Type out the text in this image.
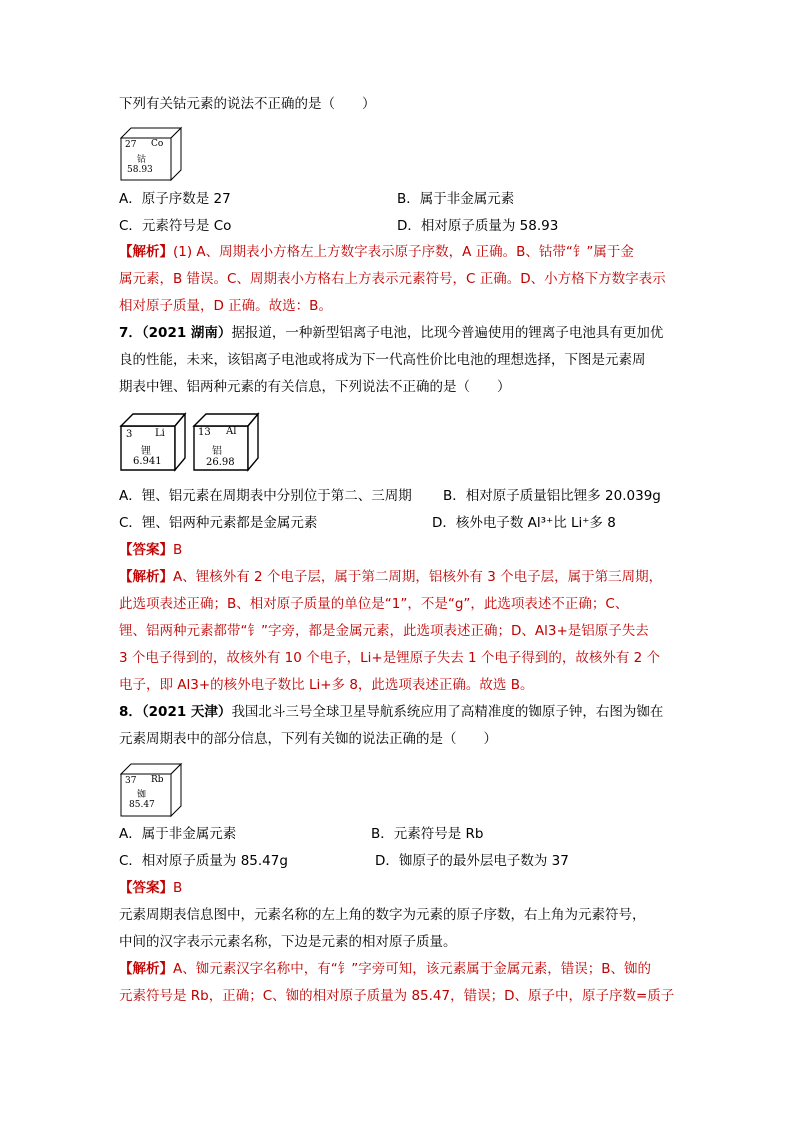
下列有关钴元素的说法不正确的是（　　）
27 Co
钴
58.93
A．原子序数是 27	B．属于非金属元素
C．元素符号是 Co	D．相对原子质量为 58.93
【解析】(1) A、周期表小方格左上方数字表示原子序数，A 正确。B、钴带“钅”属于金
属元素，B 错误。C、周期表小方格右上方表示元素符号，C 正确。D、小方格下方数字表示
相对原子质量，D 正确。故选：B。
7．（2021 湖南）据报道，一种新型铝离子电池，比现今普遍使用的锂离子电池具有更加优
良的性能，未来，该铝离子电池或将成为下一代高性价比电池的理想选择，下图是元素周
期表中锂、铝两种元素的有关信息，下列说法不正确的是（　　）
3 Li
锂
6.941
13 Al
铝
26.98
A．锂、铝元素在周期表中分别位于第二、三周期 B．相对原子质量铝比锂多 20.039g
C．锂、铝两种元素都是金属元素	D．核外电子数 Al³⁺比 Li⁺多 8
【答案】B
【解析】A、锂核外有 2 个电子层，属于第二周期，铝核外有 3 个电子层，属于第三周期，
此选项表述正确；B、相对原子质量的单位是“1”，不是“g”，此选项表述不正确；C、
锂、铝两种元素都带“钅”字旁，都是金属元素，此选项表述正确；D、Al3+是铝原子失去
3 个电子得到的，故核外有 10 个电子，Li+是锂原子失去 1 个电子得到的，故核外有 2 个
电子，即 Al3+的核外电子数比 Li+多 8，此选项表述正确。故选 B。
8．（2021 天津）我国北斗三号全球卫星导航系统应用了高精准度的铷原子钟，右图为铷在
元素周期表中的部分信息，下列有关铷的说法正确的是（　　）
37 Rb
铷
85.47
A．属于非金属元素	B．元素符号是 Rb
C．相对原子质量为 85.47g	D．铷原子的最外层电子数为 37
【答案】B
元素周期表信息图中，元素名称的左上角的数字为元素的原子序数，右上角为元素符号，
中间的汉字表示元素名称，下边是元素的相对原子质量。
【解析】A、铷元素汉字名称中，有“钅”字旁可知，该元素属于金属元素，错误；B、铷的
元素符号是 Rb，正确；C、铷的相对原子质量为 85.47，错误；D、原子中，原子序数=质子
